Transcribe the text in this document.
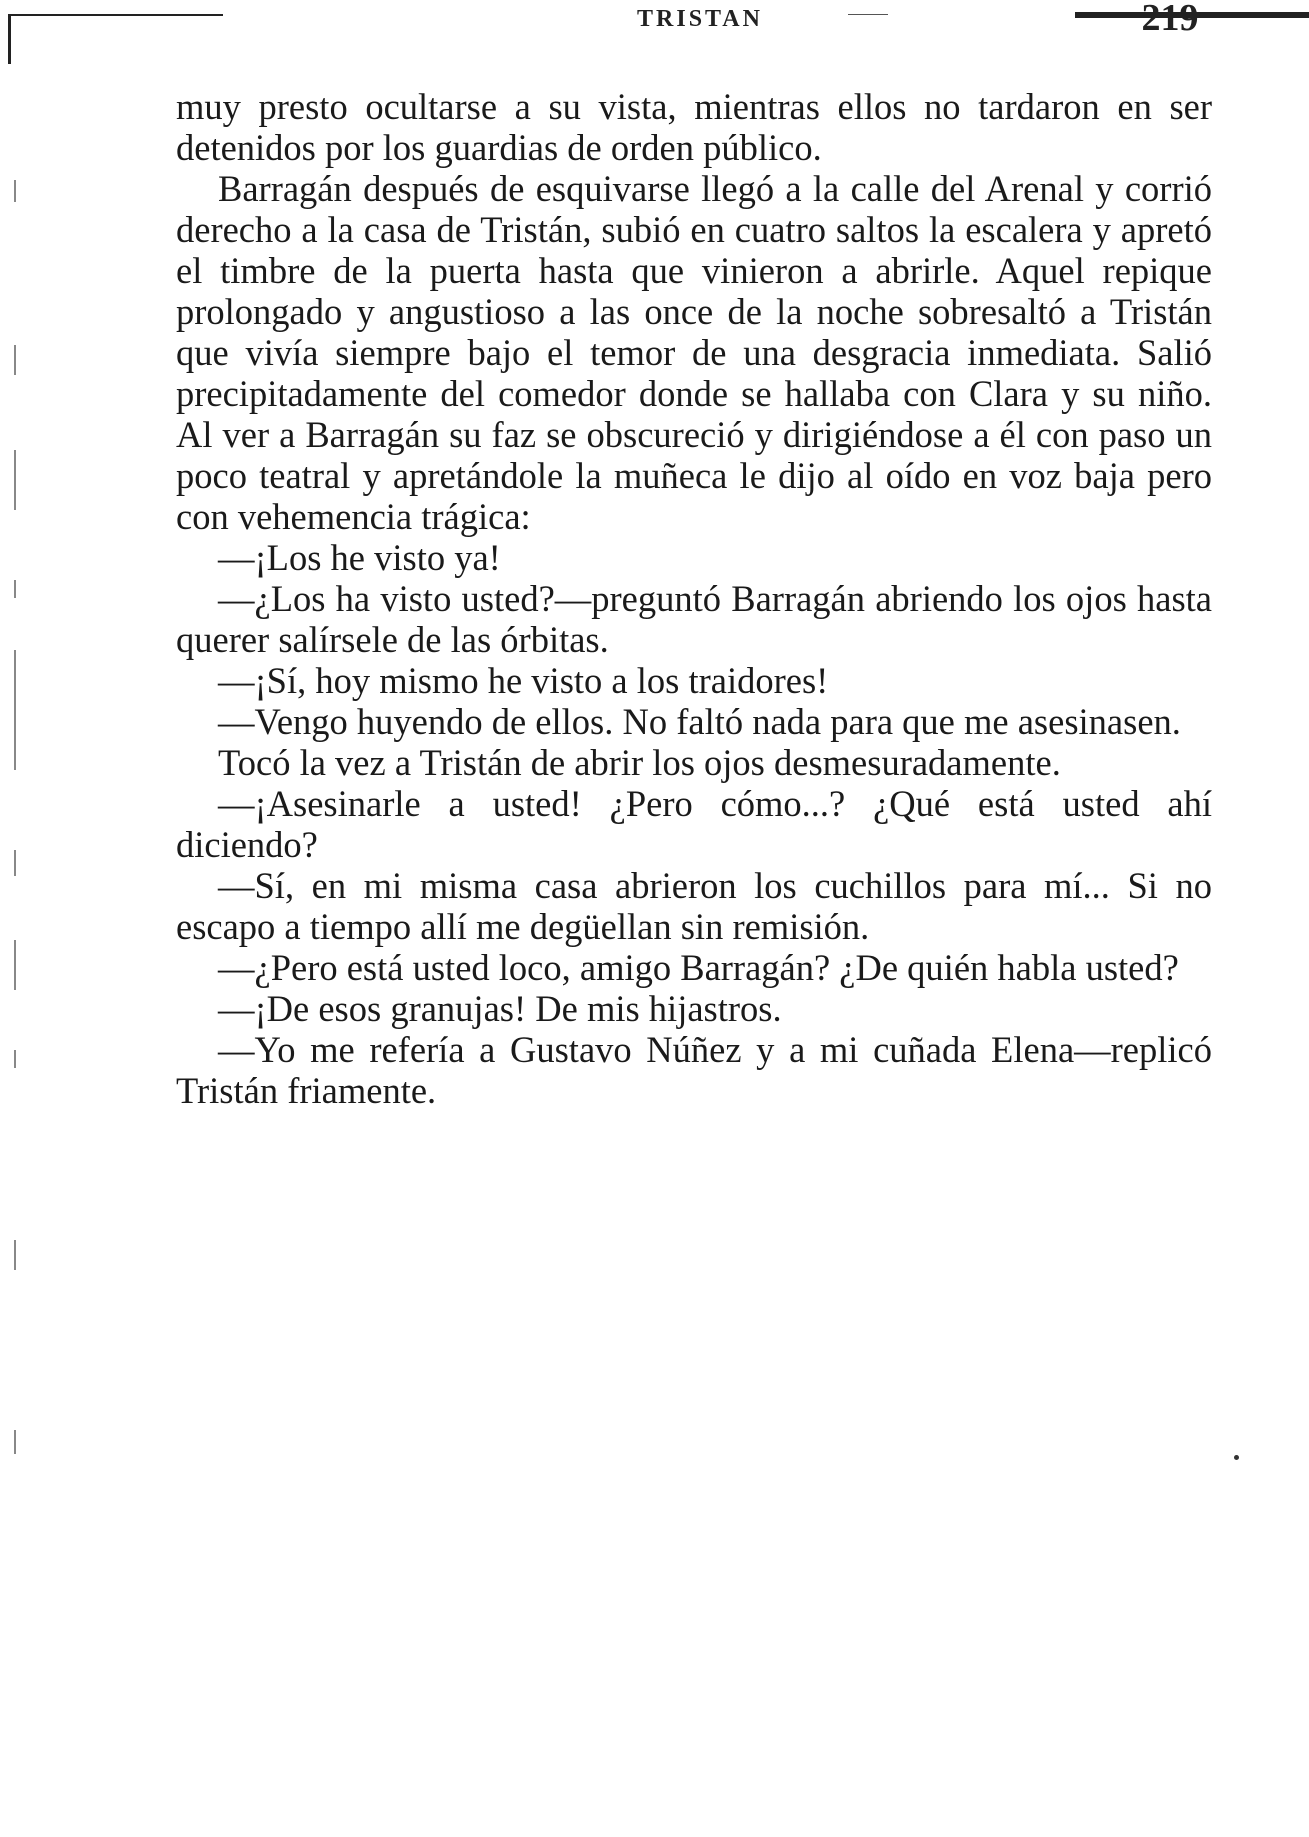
TRISTAN	219

muy presto ocultarse a su vista, mientras ellos no tardaron en ser detenidos por los guardias de orden público.

Barragán después de esquivarse llegó a la calle del Arenal y corrió derecho a la casa de Tristán, subió en cuatro saltos la escalera y apretó el timbre de la puerta hasta que vinieron a abrirle. Aquel repique prolongado y angustioso a las once de la noche sobresaltó a Tristán que vivía siempre bajo el temor de una desgracia inmediata. Salió precipitadamente del comedor donde se hallaba con Clara y su niño. Al ver a Barragán su faz se obscureció y dirigiéndose a él con paso un poco teatral y apretándole la muñeca le dijo al oído en voz baja pero con vehemencia trágica:

—¡Los he visto ya!

—¿Los ha visto usted?—preguntó Barragán abriendo los ojos hasta querer salírsele de las órbitas.

—¡Sí, hoy mismo he visto a los traidores!

—Vengo huyendo de ellos. No faltó nada para que me asesinasen.

Tocó la vez a Tristán de abrir los ojos desmesuradamente.

—¡Asesinarle a usted! ¿Pero cómo...? ¿Qué está usted ahí diciendo?

—Sí, en mi misma casa abrieron los cuchillos para mí... Si no escapo a tiempo allí me degüellan sin remisión.

—¿Pero está usted loco, amigo Barragán? ¿De quién habla usted?

—¡De esos granujas! De mis hijastros.

—Yo me refería a Gustavo Núñez y a mi cuñada Elena—replicó Tristán friamente.
